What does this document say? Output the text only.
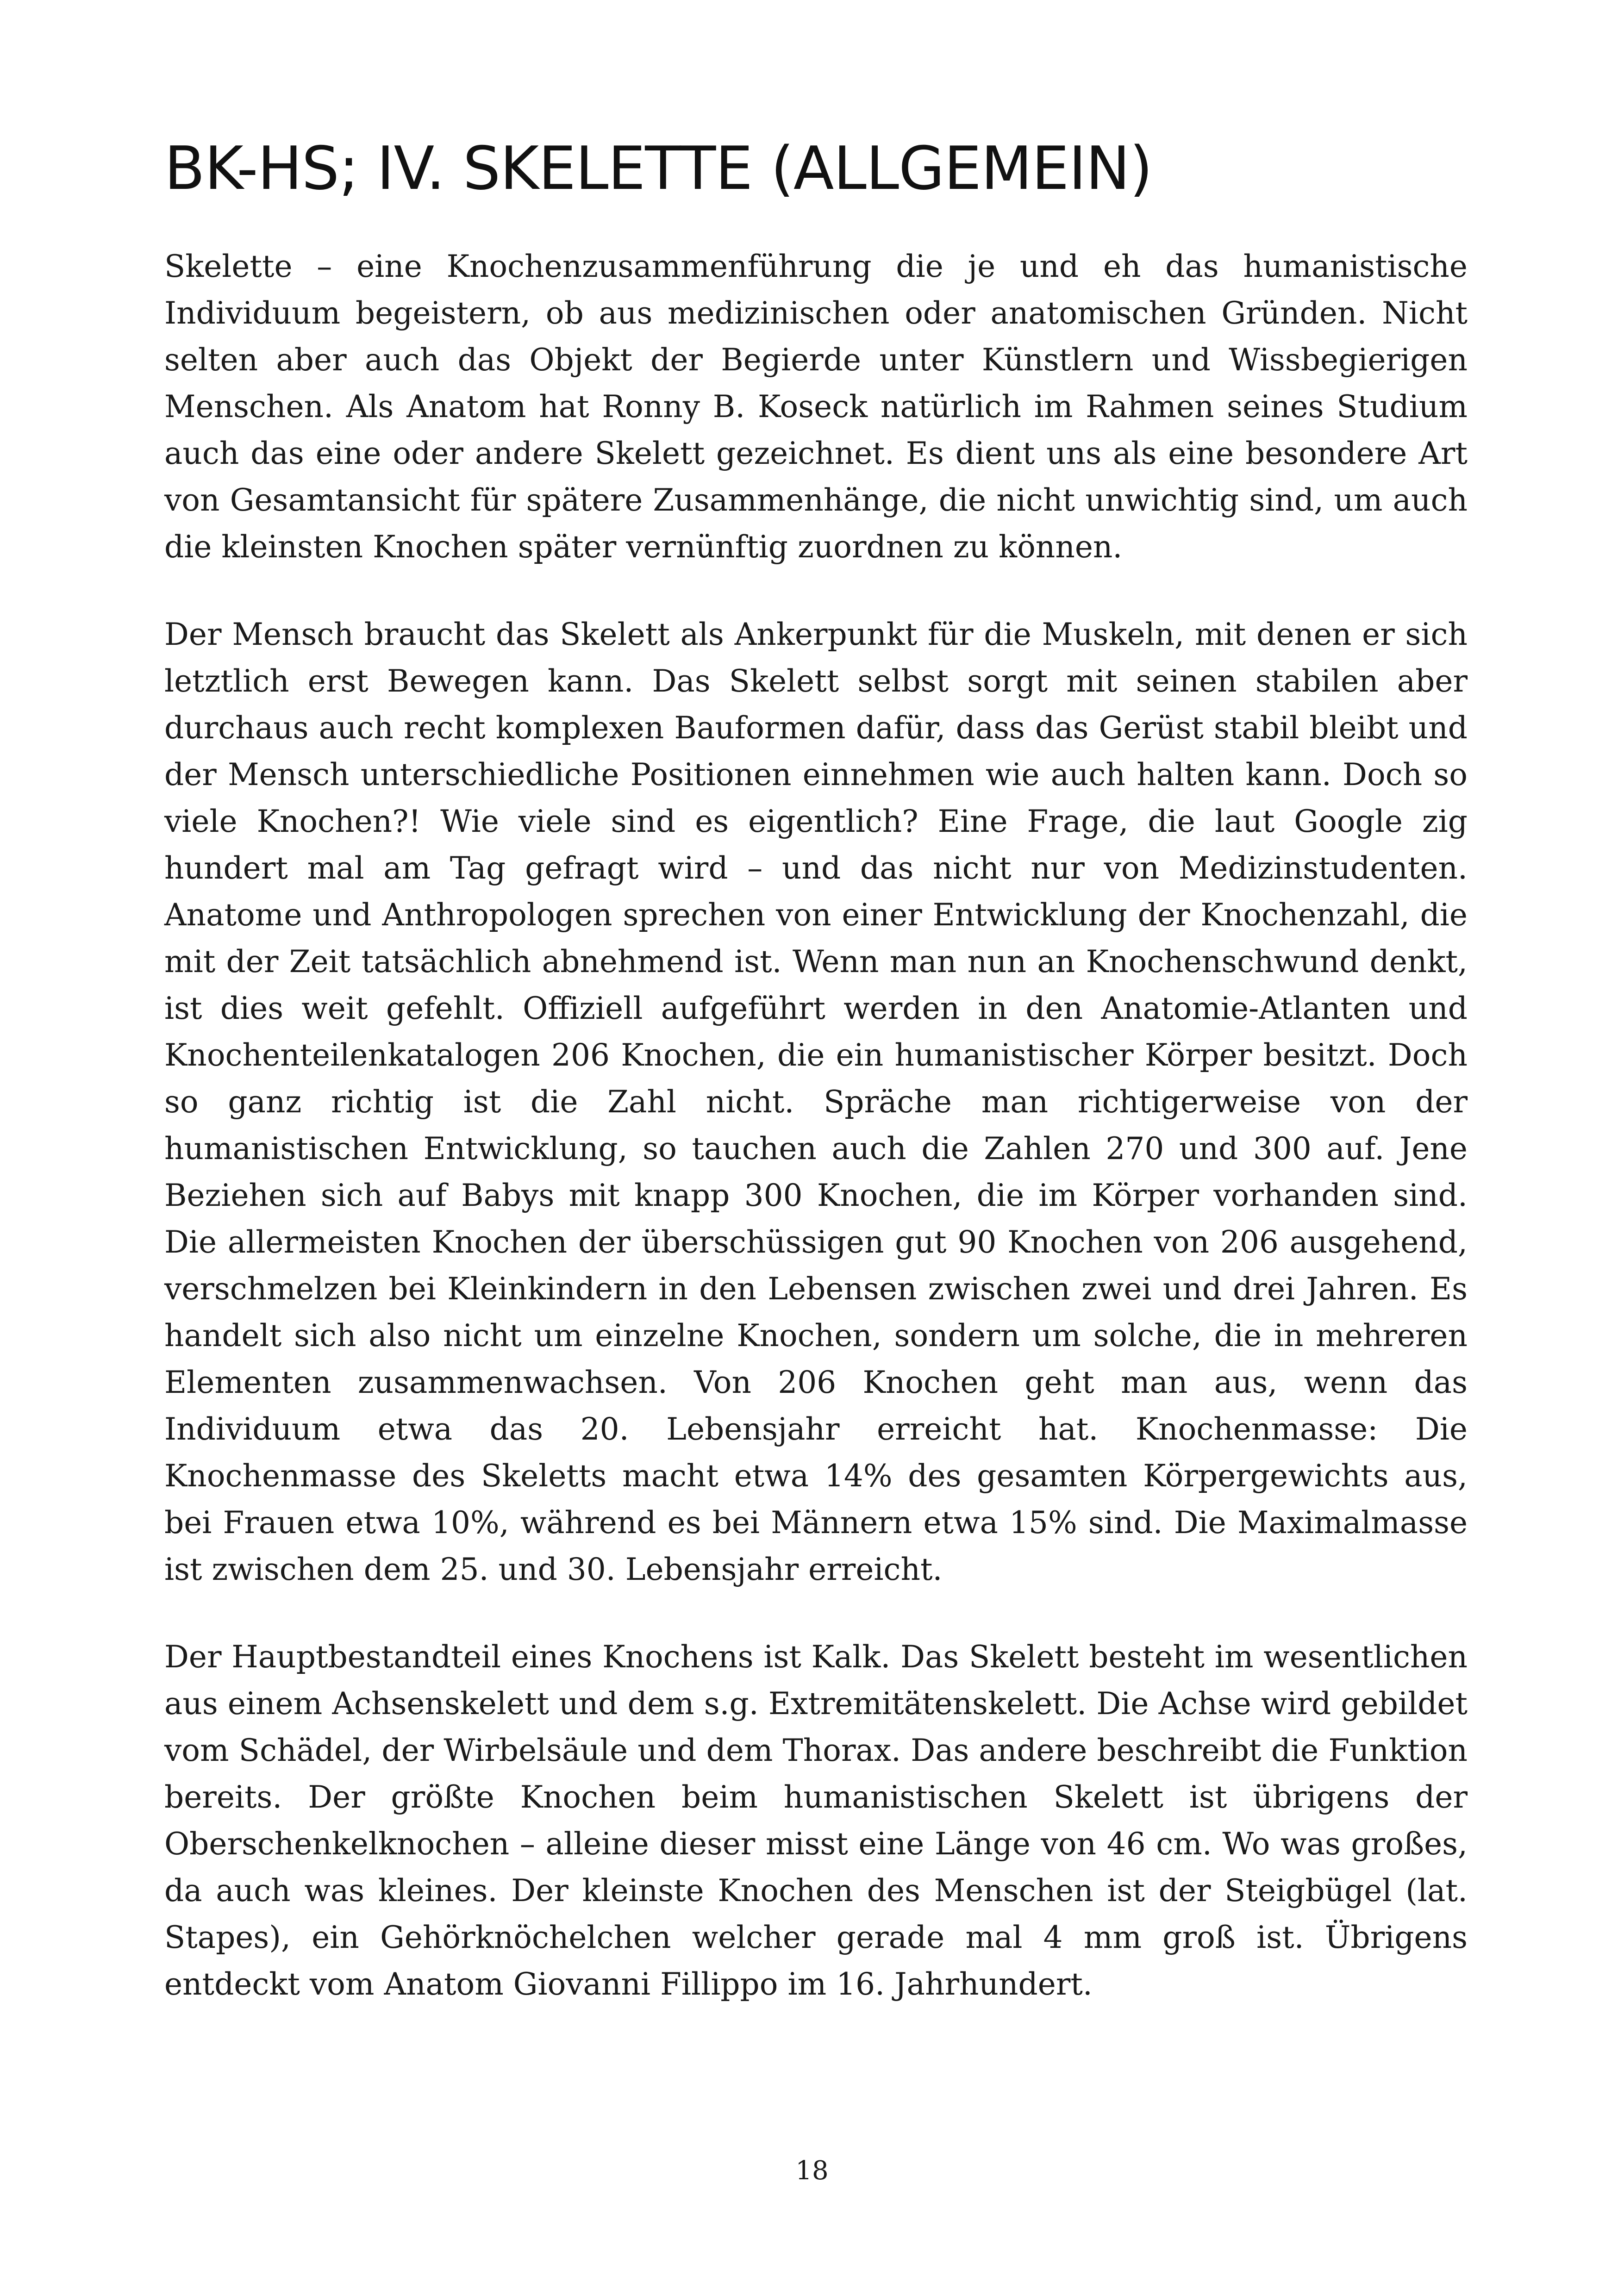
BK-HS; IV. SKELETTE (ALLGEMEIN)

Skelette – eine Knochenzusammenführung die je und eh das humanistische Individuum begeistern, ob aus medizinischen oder anatomischen Gründen. Nicht selten aber auch das Objekt der Begierde unter Künstlern und Wissbegierigen Menschen. Als Anatom hat Ronny B. Koseck natürlich im Rahmen seines Studium auch das eine oder andere Skelett gezeichnet. Es dient uns als eine besondere Art von Gesamtansicht für spätere Zusammenhänge, die nicht unwichtig sind, um auch die kleinsten Knochen später vernünftig zuordnen zu können.

Der Mensch braucht das Skelett als Ankerpunkt für die Muskeln, mit denen er sich letztlich erst Bewegen kann. Das Skelett selbst sorgt mit seinen stabilen aber durchaus auch recht komplexen Bauformen dafür, dass das Gerüst stabil bleibt und der Mensch unterschiedliche Positionen einnehmen wie auch halten kann. Doch so viele Knochen?! Wie viele sind es eigentlich? Eine Frage, die laut Google zig hundert mal am Tag gefragt wird – und das nicht nur von Medizinstudenten. Anatome und Anthropologen sprechen von einer Entwicklung der Knochenzahl, die mit der Zeit tatsächlich abnehmend ist. Wenn man nun an Knochenschwund denkt, ist dies weit gefehlt. Offiziell aufgeführt werden in den Anatomie-Atlanten und Knochenteilenkatalogen 206 Knochen, die ein humanistischer Körper besitzt. Doch so ganz richtig ist die Zahl nicht. Spräche man richtigerweise von der humanistischen Entwicklung, so tauchen auch die Zahlen 270 und 300 auf. Jene Beziehen sich auf Babys mit knapp 300 Knochen, die im Körper vorhanden sind. Die allermeisten Knochen der überschüssigen gut 90 Knochen von 206 ausgehend, verschmelzen bei Kleinkindern in den Lebensen zwischen zwei und drei Jahren. Es handelt sich also nicht um einzelne Knochen, sondern um solche, die in mehreren Elementen zusammenwachsen. Von 206 Knochen geht man aus, wenn das Individuum etwa das 20. Lebensjahr erreicht hat. Knochenmasse: Die Knochenmasse des Skeletts macht etwa 14% des gesamten Körpergewichts aus, bei Frauen etwa 10%, während es bei Männern etwa 15% sind. Die Maximalmasse ist zwischen dem 25. und 30. Lebensjahr erreicht.

Der Hauptbestandteil eines Knochens ist Kalk. Das Skelett besteht im wesentlichen aus einem Achsenskelett und dem s.g. Extremitätenskelett. Die Achse wird gebildet vom Schädel, der Wirbelsäule und dem Thorax. Das andere beschreibt die Funktion bereits. Der größte Knochen beim humanistischen Skelett ist übrigens der Oberschenkelknochen – alleine dieser misst eine Länge von 46 cm. Wo was großes, da auch was kleines. Der kleinste Knochen des Menschen ist der Steigbügel (lat. Stapes), ein Gehörknöchelchen welcher gerade mal 4 mm groß ist. Übrigens entdeckt vom Anatom Giovanni Fillippo im 16. Jahrhundert.

18
